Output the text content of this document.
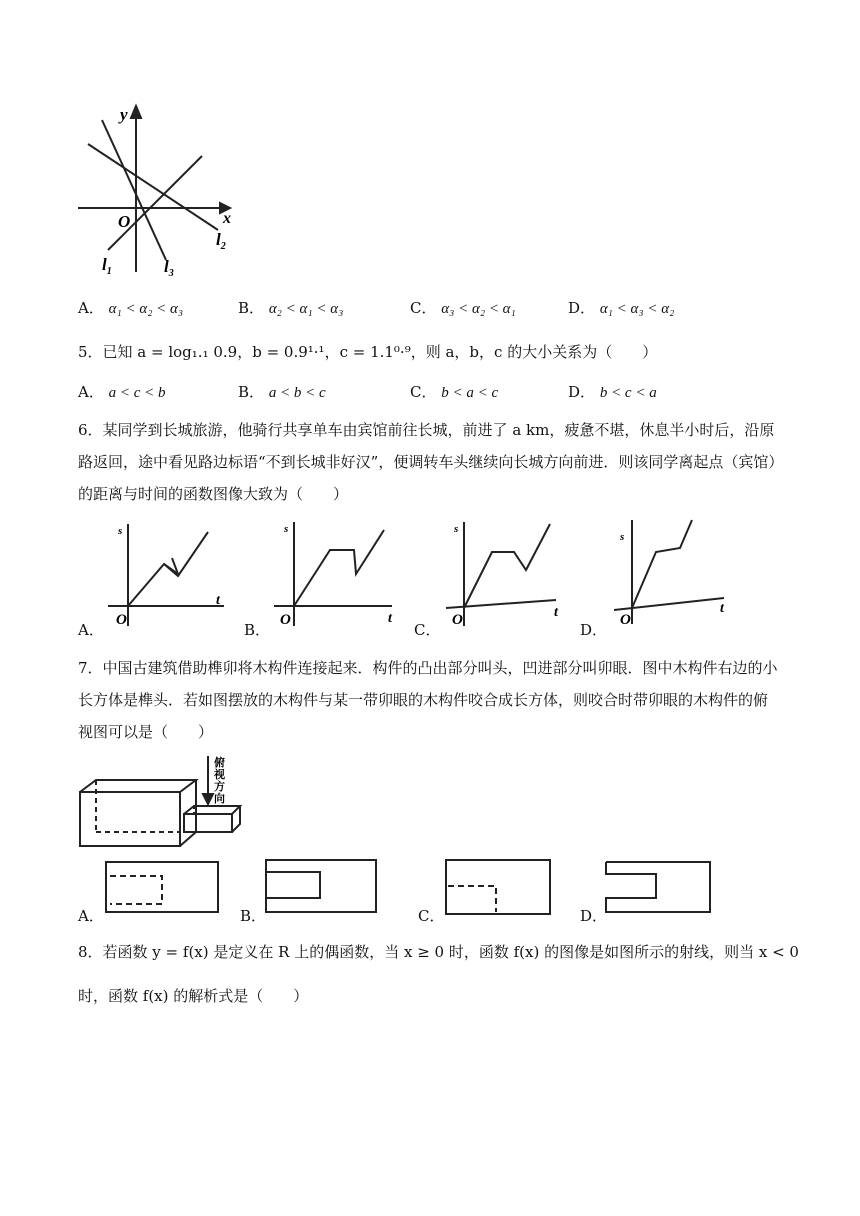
y
x
O
$l_1$
$l_2$
$l_3$
A． α₁ < α₂ < α₃	B． α₂ < α₁ < α₃	C． α₃ < α₂ < α₁	D． α₁ < α₃ < α₂
5．已知 a = log₁.₁ 0.9，b = 0.9¹·¹，c = 1.1⁰·⁹，则 a，b，c 的大小关系为（　　）
A． a < c < b	B． a < b < c	C． b < a < c	D． b < c < a
6．某同学到长城旅游，他骑行共享单车由宾馆前往长城，前进了 a km，疲惫不堪，休息半小时后，沿原
路返回，途中看见路边标语“不到长城非好汉”，便调转车头继续向长城方向前进．则该同学离起点（宾馆）
的距离与时间的函数图像大致为（　　）
s
t
O
A．
s
t
O
B．
s
t
O
C．
s
t
O
D．
7．中国古建筑借助榫卯将木构件连接起来．构件的凸出部分叫头，凹进部分叫卯眼．图中木构件右边的小
长方体是榫头．若如图摆放的木构件与某一带卯眼的木构件咬合成长方体，则咬合时带卯眼的木构件的俯
视图可以是（　　）
俯
视
方
向
A．	B．	C．	D．
8．若函数 y = f(x) 是定义在 R 上的偶函数，当 x ≥ 0 时，函数 f(x) 的图像是如图所示的射线，则当 x < 0
时，函数 f(x) 的解析式是（　　）
